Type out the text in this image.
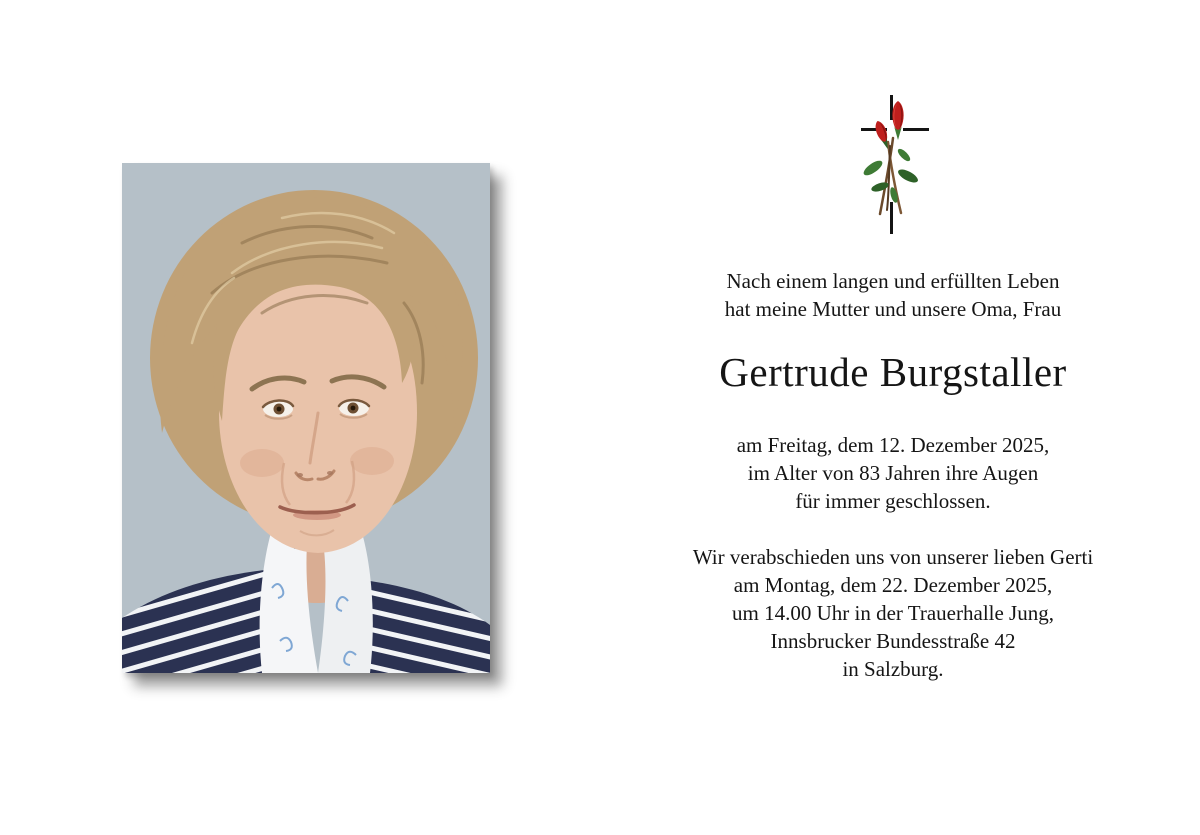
Nach einem langen und erfüllten Leben
hat meine Mutter und unsere Oma, Frau
Gertrude Burgstaller
am Freitag, dem 12. Dezember 2025,
im Alter von 83 Jahren ihre Augen
für immer geschlossen.
Wir verabschieden uns von unserer lieben Gerti
am Montag, dem 22. Dezember 2025,
um 14.00 Uhr in der Trauerhalle Jung,
Innsbrucker Bundesstraße 42
in Salzburg.
